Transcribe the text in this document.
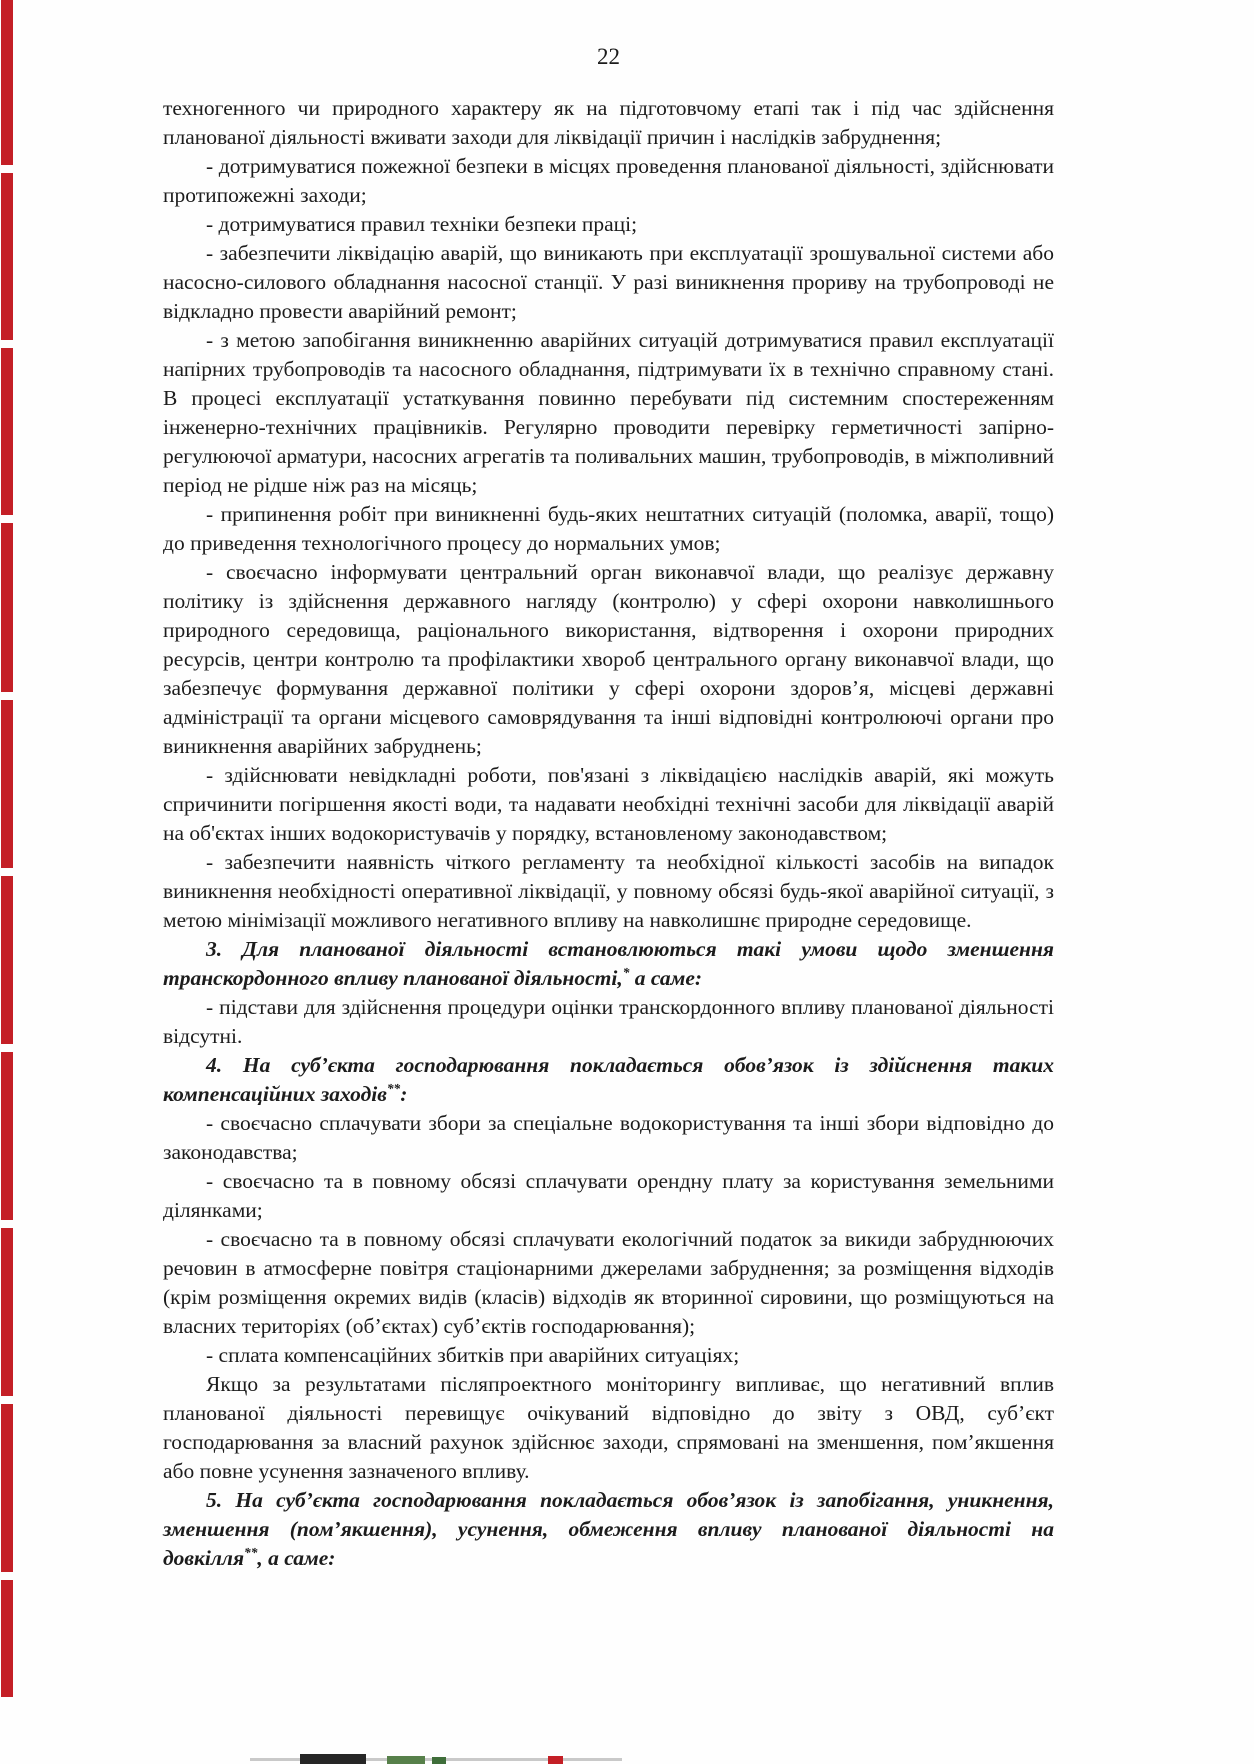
22

техногенного чи природного характеру як на підготовчому етапі так і під час здійснення планованої діяльності вживати заходи для ліквідації причин і наслідків забруднення;

- дотримуватися пожежної безпеки в місцях проведення планованої діяльності, здійснювати протипожежні заходи;

- дотримуватися правил техніки безпеки праці;

- забезпечити ліквідацію аварій, що виникають при експлуатації зрошувальної системи або насосно-силового обладнання насосної станції. У разі виникнення прориву на трубопроводі не відкладно провести аварійний ремонт;

- з метою запобігання виникненню аварійних ситуацій дотримуватися правил експлуатації напірних трубопроводів та насосного обладнання, підтримувати їх в технічно справному стані. В процесі експлуатації устаткування повинно перебувати під системним спостереженням інженерно-технічних працівників. Регулярно проводити перевірку герметичності запірно-регулюючої арматури, насосних агрегатів та поливальних машин, трубопроводів, в міжполивний період не рідше ніж раз на місяць;

- припинення робіт при виникненні будь-яких нештатних ситуацій (поломка, аварії, тощо) до приведення технологічного процесу до нормальних умов;

- своєчасно інформувати центральний орган виконавчої влади, що реалізує державну політику із здійснення державного нагляду (контролю) у сфері охорони навколишнього природного середовища, раціонального використання, відтворення і охорони природних ресурсів, центри контролю та профілактики хвороб центрального органу виконавчої влади, що забезпечує формування державної політики у сфері охорони здоров’я, місцеві державні адміністрації та органи місцевого самоврядування та інші відповідні контролюючі органи про виникнення аварійних забруднень;

- здійснювати невідкладні роботи, пов'язані з ліквідацією наслідків аварій, які можуть спричинити погіршення якості води, та надавати необхідні технічні засоби для ліквідації аварій на об'єктах інших водокористувачів у порядку, встановленому законодавством;

- забезпечити наявність чіткого регламенту та необхідної кількості засобів на випадок виникнення необхідності оперативної ліквідації, у повному обсязі будь-якої аварійної ситуації, з метою мінімізації можливого негативного впливу на навколишнє природне середовище.

3. Для планованої діяльності встановлюються такі умови щодо зменшення транскордонного впливу планованої діяльності,* а саме:

- підстави для здійснення процедури оцінки транскордонного впливу планованої діяльності відсутні.

4. На суб’єкта господарювання покладається обов’язок із здійснення таких компенсаційних заходів**:

- своєчасно сплачувати збори за спеціальне водокористування та інші збори відповідно до законодавства;

- своєчасно та в повному обсязі сплачувати орендну плату за користування земельними ділянками;

- своєчасно та в повному обсязі сплачувати екологічний податок за викиди забруднюючих речовин в атмосферне повітря стаціонарними джерелами забруднення; за розміщення відходів (крім розміщення окремих видів (класів) відходів як вторинної сировини, що розміщуються на власних територіях (об’єктах) суб’єктів господарювання);

- сплата компенсаційних збитків при аварійних ситуаціях;

Якщо за результатами післяпроектного моніторингу випливає, що негативний вплив планованої діяльності перевищує очікуваний відповідно до звіту з ОВД, суб’єкт господарювання за власний рахунок здійснює заходи, спрямовані на зменшення, пом’якшення або повне усунення зазначеного впливу.

5. На суб’єкта господарювання покладається обов’язок із запобігання, уникнення, зменшення (пом’якшення), усунення, обмеження впливу планованої діяльності на довкілля**, а саме:
